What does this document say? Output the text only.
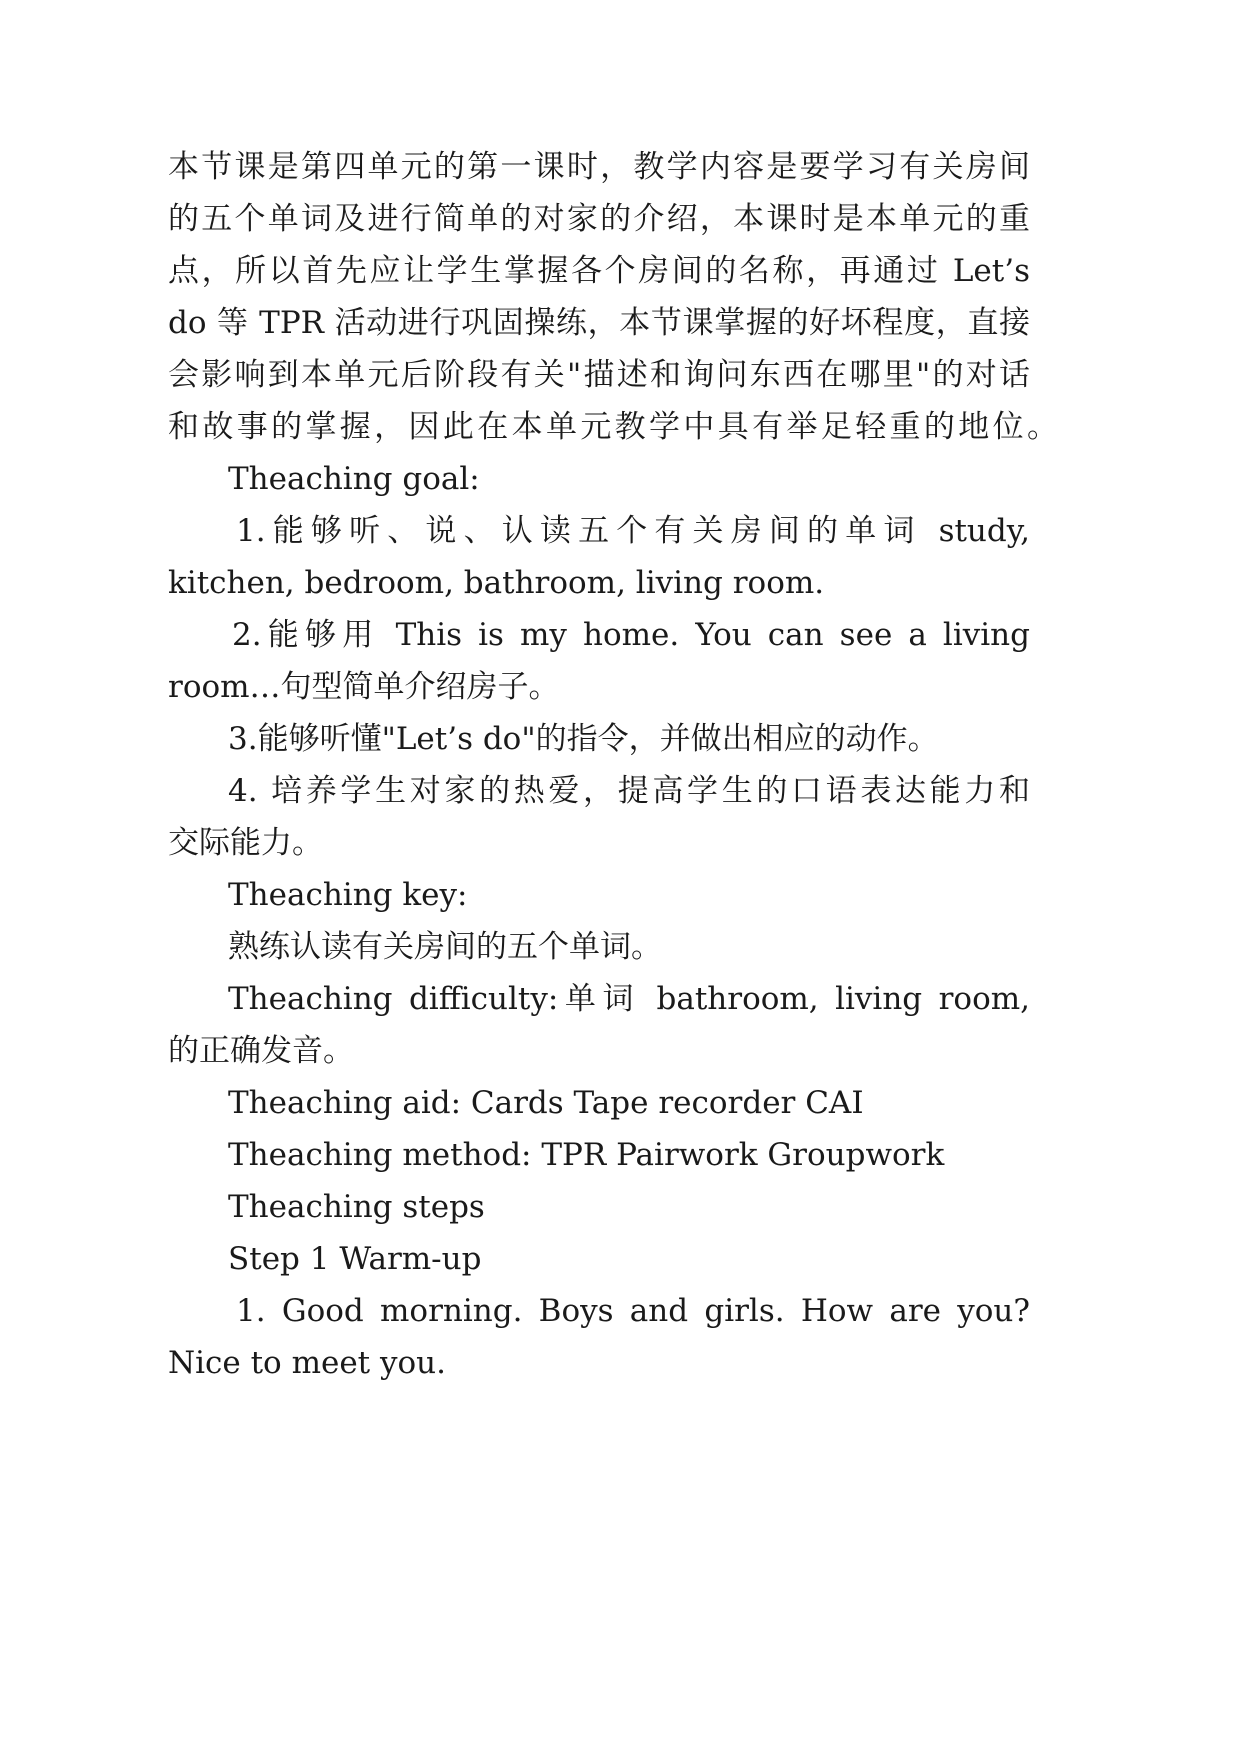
本节课是第四单元的第一课时，教学内容是要学习有关房间
的五个单词及进行简单的对家的介绍，本课时是本单元的重
点，所以首先应让学生掌握各个房间的名称，再通过 Let’s
do 等 TPR 活动进行巩固操练，本节课掌握的好坏程度，直接
会影响到本单元后阶段有关"描述和询问东西在哪里"的对话
和故事的掌握，因此在本单元教学中具有举足轻重的地位。
Theaching goal:
1.能够听、说、认读五个有关房间的单词 study,
kitchen, bedroom, bathroom, living room.
2.能够用 This is my home. You can see a living
room…句型简单介绍房子。
3.能够听懂"Let’s do"的指令，并做出相应的动作。
4. 培养学生对家的热爱，提高学生的口语表达能力和
交际能力。
Theaching key:
熟练认读有关房间的五个单词。
Theaching difficulty:单词 bathroom, living room,
的正确发音。
Theaching aid: Cards Tape recorder CAI
Theaching method: TPR Pairwork Groupwork
Theaching steps
Step 1 Warm-up
1. Good morning. Boys and girls. How are you?
Nice to meet you.
